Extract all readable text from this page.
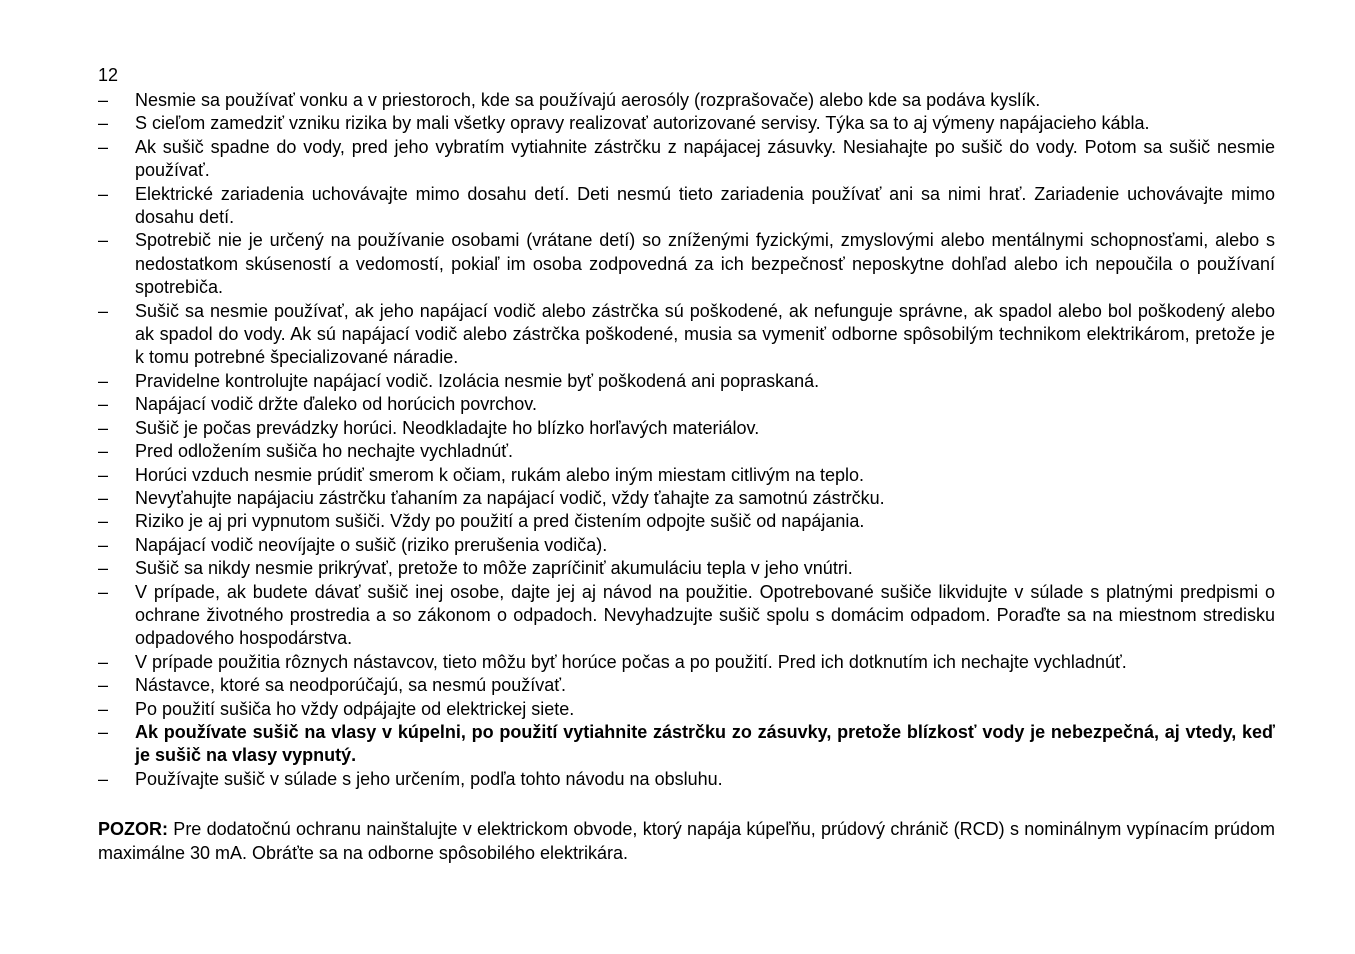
12
–	Nesmie sa používať vonku a v priestoroch, kde sa používajú aerosóly (rozprašovače) alebo kde sa podáva kyslík.
–	S cieľom zamedziť vzniku rizika by mali všetky opravy realizovať autorizované servisy. Týka sa to aj výmeny napájacieho kábla.
–	Ak sušič spadne do vody, pred jeho vybratím vytiahnite zástrčku z napájacej zásuvky. Nesiahajte po sušič do vody. Potom sa sušič nesmie používať.
–	Elektrické zariadenia uchovávajte mimo dosahu detí. Deti nesmú tieto zariadenia používať ani sa nimi hrať. Zariadenie uchovávajte mimo dosahu detí.
–	Spotrebič nie je určený na používanie osobami (vrátane detí) so zníženými fyzickými, zmyslovými alebo mentálnymi schopnosťami, alebo s nedostatkom skúseností a vedomostí, pokiaľ im osoba zodpovedná za ich bezpečnosť neposkytne dohľad alebo ich nepoučila o používaní spotrebiča.
–	Sušič sa nesmie používať, ak jeho napájací vodič alebo zástrčka sú poškodené, ak nefunguje správne, ak spadol alebo bol poškodený alebo ak spadol do vody. Ak sú napájací vodič alebo zástrčka poškodené, musia sa vymeniť odborne spôsobilým technikom elektrikárom, pretože je k tomu potrebné špecializované náradie.
–	Pravidelne kontrolujte napájací vodič. Izolácia nesmie byť poškodená ani popraskaná.
–	Napájací vodič držte ďaleko od horúcich povrchov.
–	Sušič je počas prevádzky horúci. Neodkladajte ho blízko horľavých materiálov.
–	Pred odložením sušiča ho nechajte vychladnúť.
–	Horúci vzduch nesmie prúdiť smerom k očiam, rukám alebo iným miestam citlivým na teplo.
–	Nevyťahujte napájaciu zástrčku ťahaním za napájací vodič, vždy ťahajte za samotnú zástrčku.
–	Riziko je aj pri vypnutom sušiči. Vždy po použití a pred čistením odpojte sušič od napájania.
–	Napájací vodič neovíjajte o sušič (riziko prerušenia vodiča).
–	Sušič sa nikdy nesmie prikrývať, pretože to môže zapríčiniť akumuláciu tepla v jeho vnútri.
–	V prípade, ak budete dávať sušič inej osobe, dajte jej aj návod na použitie. Opotrebované sušiče likvidujte v súlade s platnými predpismi o ochrane životného prostredia a so zákonom o odpadoch. Nevyhadzujte sušič spolu s domácim odpadom. Poraďte sa na miestnom stredisku odpadového hospodárstva.
–	V prípade použitia rôznych nástavcov, tieto môžu byť horúce počas a po použití. Pred ich dotknutím ich nechajte vychladnúť.
–	Nástavce, ktoré sa neodporúčajú, sa nesmú používať.
–	Po použití sušiča ho vždy odpájajte od elektrickej siete.
–	Ak používate sušič na vlasy v kúpelni, po použití vytiahnite zástrčku zo zásuvky, pretože blízkosť vody je nebezpečná, aj vtedy, keď je sušič na vlasy vypnutý.
–	Používajte sušič v súlade s jeho určením, podľa tohto návodu na obsluhu.

POZOR: Pre dodatočnú ochranu nainštalujte v elektrickom obvode, ktorý napája kúpeľňu, prúdový chránič (RCD) s nominálnym vypínacím prúdom maximálne 30 mA. Obráťte sa na odborne spôsobilého elektrikára.
